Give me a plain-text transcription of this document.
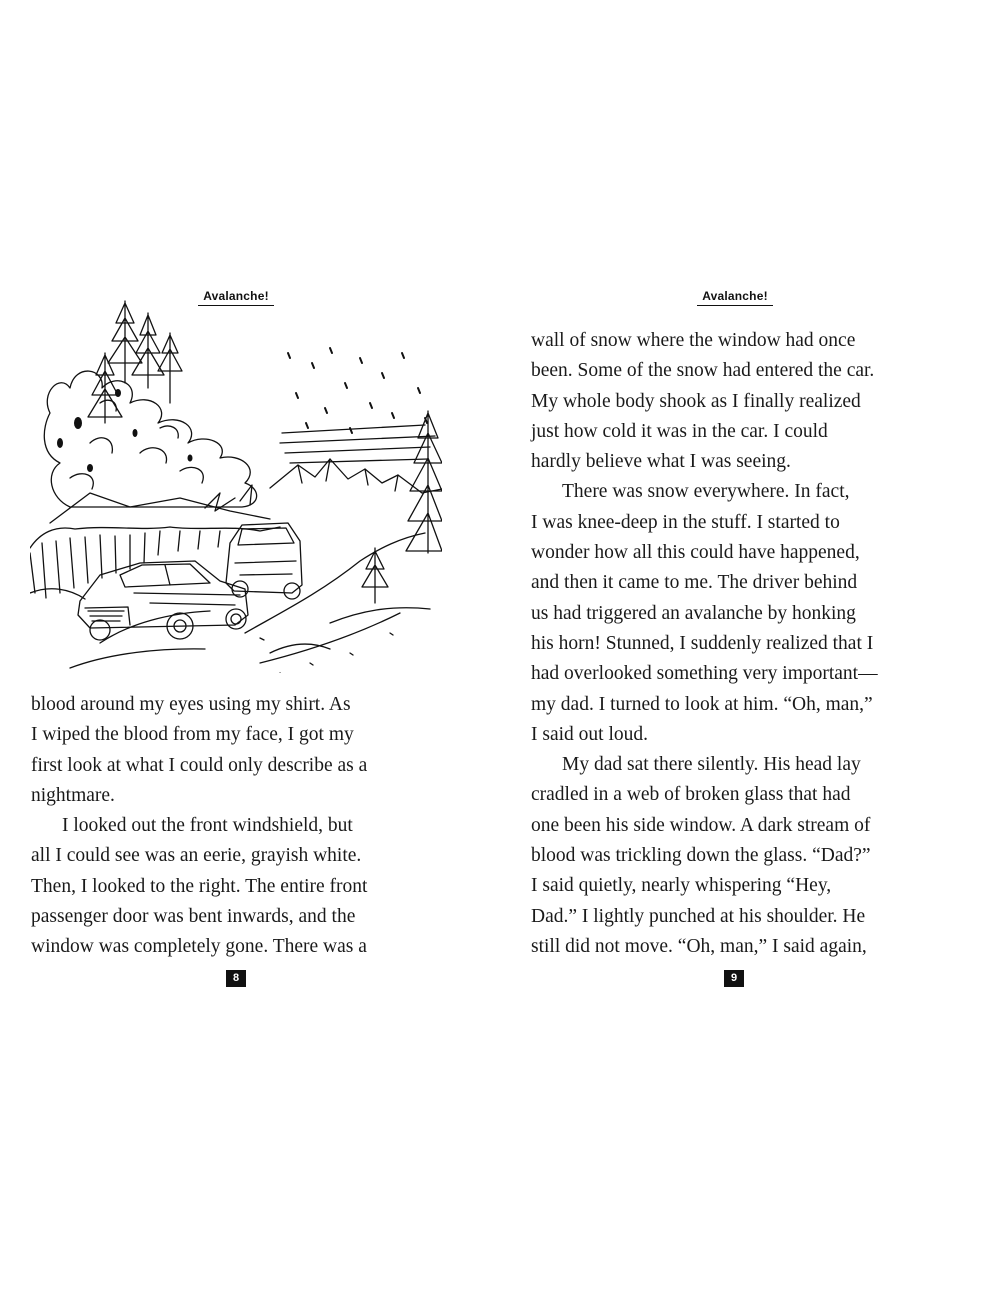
Avalanche!
blood around my eyes using my shirt. As
I wiped the blood from my face, I got my
first look at what I could only describe as a
nightmare.
I looked out the front windshield, but
all I could see was an eerie, grayish white.
Then, I looked to the right. The entire front
passenger door was bent inwards, and the
window was completely gone. There was a
8
Avalanche!
wall of snow where the window had once
been. Some of the snow had entered the car.
My whole body shook as I finally realized
just how cold it was in the car. I could
hardly believe what I was seeing.
There was snow everywhere. In fact,
I was knee-deep in the stuff. I started to
wonder how all this could have happened,
and then it came to me. The driver behind
us had triggered an avalanche by honking
his horn! Stunned, I suddenly realized that I
had overlooked something very important—
my dad. I turned to look at him. “Oh, man,”
I said out loud.
My dad sat there silently. His head lay
cradled in a web of broken glass that had
one been his side window. A dark stream of
blood was trickling down the glass. “Dad?”
I said quietly, nearly whispering “Hey,
Dad.” I lightly punched at his shoulder. He
still did not move. “Oh, man,” I said again,
9
